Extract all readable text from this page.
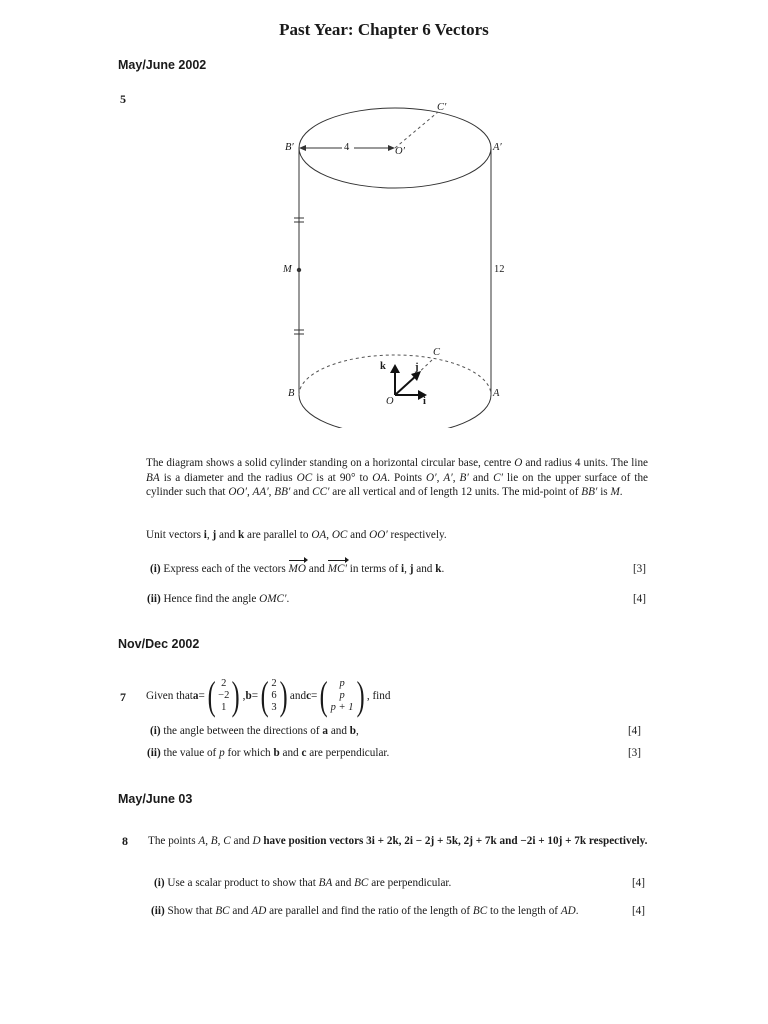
Past Year: Chapter 6 Vectors
May/June 2002
5
C′
B′	4	O′	A′
M	12
C
k	j
B
O	i
A
The diagram shows a solid cylinder standing on a horizontal circular base, centre O and radius 4 units. The line BA is a diameter and the radius OC is at 90° to OA. Points O′, A′, B′ and C′ lie on the upper surface of the cylinder such that OO′, AA′, BB′ and CC′ are all vertical and of length 12 units. The mid-point of BB′ is M.
Unit vectors i, j and k are parallel to OA, OC and OO′ respectively.
(i) Express each of the vectors MO and MC′ in terms of i, j and k.	[3]
(ii) Hence find the angle OMC′.	[4]
Nov/Dec 2002
7 Given that a = ( 2
−2
1 ) , b = ( 2
6
3 ) and c = ( p
p
p + 1 ) , find
(i) the angle between the directions of a and b,	[4]
(ii) the value of p for which b and c are perpendicular.	[3]
May/June 03
8 The points A, B, C and D have position vectors 3i + 2k, 2i − 2j + 5k, 2j + 7k and −2i + 10j + 7k respectively.
(i) Use a scalar product to show that BA and BC are perpendicular.	[4]
(ii) Show that BC and AD are parallel and find the ratio of the length of BC to the length of AD.	[4]
